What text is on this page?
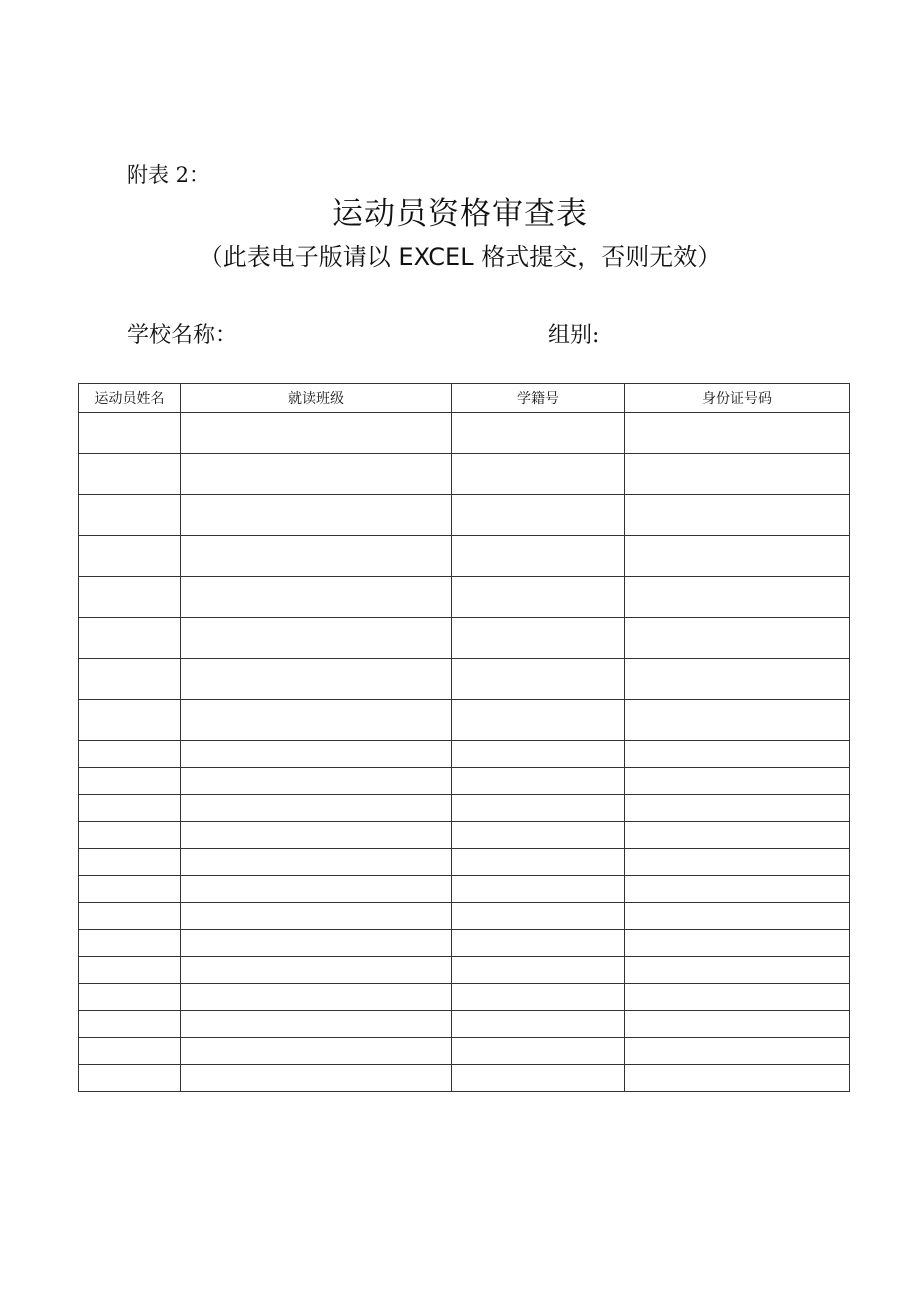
附表 2：
运动员资格审查表
（此表电子版请以 EXCEL 格式提交，否则无效）
学校名称：	组别:
运动员姓名	就读班级	学籍号	身份证号码
